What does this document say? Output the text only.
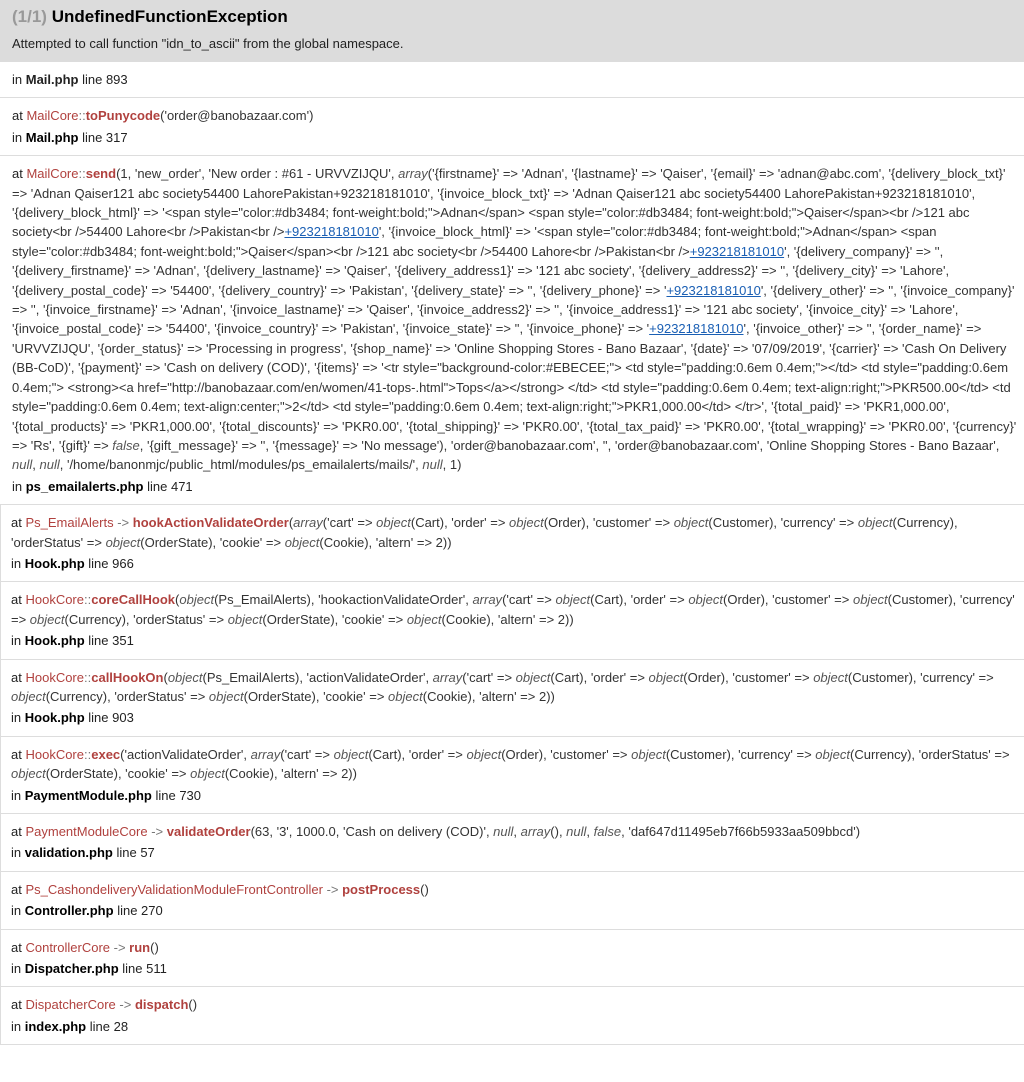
(1/1) UndefinedFunctionException
Attempted to call function "idn_to_ascii" from the global namespace.
in Mail.php line 893
at MailCore::toPunycode('order@banobazaar.com')
in Mail.php line 317
at MailCore::send(1, 'new_order', 'New order : #61 - URVVZIJQU', array('{firstname}' => 'Adnan', '{lastname}' => 'Qaiser', '{email}' => 'adnan@abc.com', '{delivery_block_txt}' => 'Adnan Qaiser121 abc society54400 LahorePakistan+923218181010', '{invoice_block_txt}' => 'Adnan Qaiser121 abc society54400 LahorePakistan+923218181010', '{delivery_block_html}' => '<span style="color:#db3484; font-weight:bold;">Adnan</span> <span style="color:#db3484; font-weight:bold;">Qaiser</span><br />121 abc society<br />54400 Lahore<br />Pakistan<br />+923218181010', '{invoice_block_html}' => '<span style="color:#db3484; font-weight:bold;">Adnan</span> <span style="color:#db3484; font-weight:bold;">Qaiser</span><br />121 abc society<br />54400 Lahore<br />Pakistan<br />+923218181010', '{delivery_company}' => '', '{delivery_firstname}' => 'Adnan', '{delivery_lastname}' => 'Qaiser', '{delivery_address1}' => '121 abc society', '{delivery_address2}' => '', '{delivery_city}' => 'Lahore', '{delivery_postal_code}' => '54400', '{delivery_country}' => 'Pakistan', '{delivery_state}' => '', '{delivery_phone}' => '+923218181010', '{delivery_other}' => '', '{invoice_company}' => '', '{invoice_firstname}' => 'Adnan', '{invoice_lastname}' => 'Qaiser', '{invoice_address2}' => '', '{invoice_address1}' => '121 abc society', '{invoice_city}' => 'Lahore', '{invoice_postal_code}' => '54400', '{invoice_country}' => 'Pakistan', '{invoice_state}' => '', '{invoice_phone}' => '+923218181010', '{invoice_other}' => '', '{order_name}' => 'URVVZIJQU', '{order_status}' => 'Processing in progress', '{shop_name}' => 'Online Shopping Stores - Bano Bazaar', '{date}' => '07/09/2019', '{carrier}' => 'Cash On Delivery (BB-CoD)', '{payment}' => 'Cash on delivery (COD)', '{items}' => '<tr style="background-color:#EBECEE;"> <td style="padding:0.6em 0.4em;"></td> <td style="padding:0.6em 0.4em;"> <strong><a href="http://banobazaar.com/en/women/41-tops-.html">Tops</a></strong> </td> <td style="padding:0.6em 0.4em; text-align:right;">PKR500.00</td> <td style="padding:0.6em 0.4em; text-align:center;">2</td> <td style="padding:0.6em 0.4em; text-align:right;">PKR1,000.00</td> </tr>', '{total_paid}' => 'PKR1,000.00', '{total_products}' => 'PKR1,000.00', '{total_discounts}' => 'PKR0.00', '{total_shipping}' => 'PKR0.00', '{total_tax_paid}' => 'PKR0.00', '{total_wrapping}' => 'PKR0.00', '{currency}' => 'Rs', '{gift}' => false, '{gift_message}' => '', '{message}' => 'No message'), 'order@banobazaar.com', '', 'order@banobazaar.com', 'Online Shopping Stores - Bano Bazaar', null, null, '/home/banonmjc/public_html/modules/ps_emailalerts/mails/', null, 1)
in ps_emailalerts.php line 471
at Ps_EmailAlerts -> hookActionValidateOrder(array('cart' => object(Cart), 'order' => object(Order), 'customer' => object(Customer), 'currency' => object(Currency), 'orderStatus' => object(OrderState), 'cookie' => object(Cookie), 'altern' => 2))
in Hook.php line 966
at HookCore::coreCallHook(object(Ps_EmailAlerts), 'hookactionValidateOrder', array('cart' => object(Cart), 'order' => object(Order), 'customer' => object(Customer), 'currency' => object(Currency), 'orderStatus' => object(OrderState), 'cookie' => object(Cookie), 'altern' => 2))
in Hook.php line 351
at HookCore::callHookOn(object(Ps_EmailAlerts), 'actionValidateOrder', array('cart' => object(Cart), 'order' => object(Order), 'customer' => object(Customer), 'currency' => object(Currency), 'orderStatus' => object(OrderState), 'cookie' => object(Cookie), 'altern' => 2))
in Hook.php line 903
at HookCore::exec('actionValidateOrder', array('cart' => object(Cart), 'order' => object(Order), 'customer' => object(Customer), 'currency' => object(Currency), 'orderStatus' => object(OrderState), 'cookie' => object(Cookie), 'altern' => 2))
in PaymentModule.php line 730
at PaymentModuleCore -> validateOrder(63, '3', 1000.0, 'Cash on delivery (COD)', null, array(), null, false, 'daf647d11495eb7f66b5933aa509bbcd')
in validation.php line 57
at Ps_CashondeliveryValidationModuleFrontController -> postProcess()
in Controller.php line 270
at ControllerCore -> run()
in Dispatcher.php line 511
at DispatcherCore -> dispatch()
in index.php line 28
